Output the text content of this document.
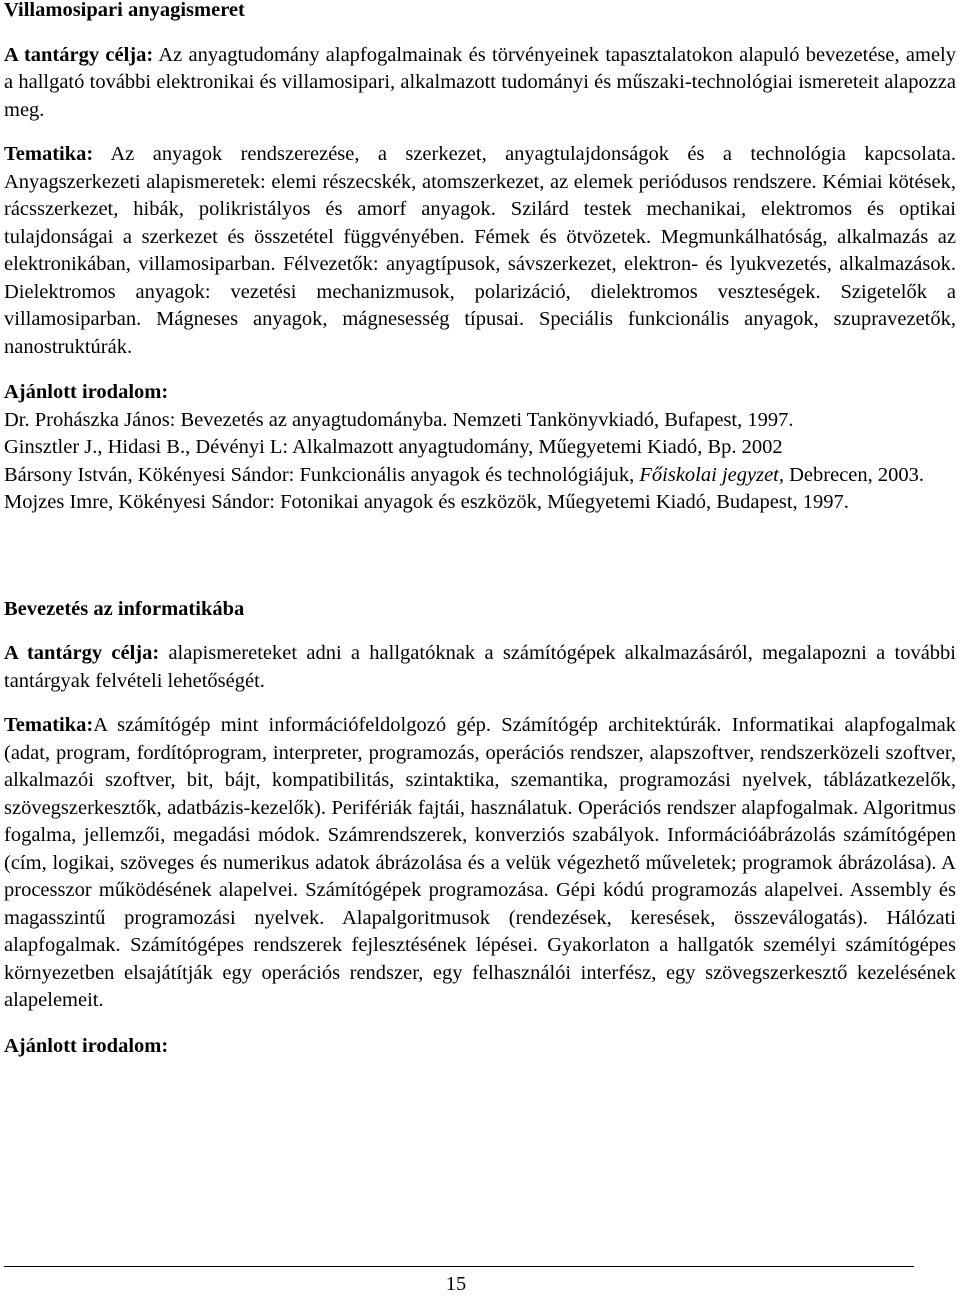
Villamosipari anyagismeret

A tantárgy célja: Az anyagtudomány alapfogalmainak és törvényeinek tapasztalatokon alapuló bevezetése, amely a hallgató további elektronikai és villamosipari, alkalmazott tudományi és műszaki-technológiai ismereteit alapozza meg.

Tematika: Az anyagok rendszerezése, a szerkezet, anyagtulajdonságok és a technológia kapcsolata. Anyagszerkezeti alapismeretek: elemi részecskék, atomszerkezet, az elemek periódusos rendszere. Kémiai kötések, rácsszerkezet, hibák, polikristályos és amorf anyagok. Szilárd testek mechanikai, elektromos és optikai tulajdonságai a szerkezet és összetétel függvényében. Fémek és ötvözetek. Megmunkálhatóság, alkalmazás az elektronikában, villamosiparban. Félvezetők: anyagtípusok, sávszerkezet, elektron- és lyukvezetés, alkalmazások. Dielektromos anyagok: vezetési mechanizmusok, polarizáció, dielektromos veszteségek. Szigetelők a villamosiparban. Mágneses anyagok, mágnesesség típusai. Speciális funkcionális anyagok, szupravezetők, nanostruktúrák.

Ajánlott irodalom:

Dr. Prohászka János: Bevezetés az anyagtudományba. Nemzeti Tankönyvkiadó, Bufapest, 1997.

Ginsztler J., Hidasi B., Dévényi L: Alkalmazott anyagtudomány, Műegyetemi Kiadó, Bp. 2002

Bársony István, Kökényesi Sándor: Funkcionális anyagok és technológiájuk, Főiskolai jegyzet, Debrecen, 2003.

Mojzes Imre, Kökényesi Sándor: Fotonikai anyagok és eszközök, Műegyetemi Kiadó, Budapest, 1997.

Bevezetés az informatikába

A tantárgy célja: alapismereteket adni a hallgatóknak a számítógépek alkalmazásáról, megalapozni a további tantárgyak felvételi lehetőségét.

Tematika:A számítógép mint információfeldolgozó gép. Számítógép architektúrák. Informatikai alapfogalmak (adat, program, fordítóprogram, interpreter, programozás, operációs rendszer, alapszoftver, rendszerközeli szoftver, alkalmazói szoftver, bit, bájt, kompatibilitás, szintaktika, szemantika, programozási nyelvek, táblázatkezelők, szövegszerkesztők, adatbázis-kezelők). Perifériák fajtái, használatuk. Operációs rendszer alapfogalmak. Algoritmus fogalma, jellemzői, megadási módok. Számrendszerek, konverziós szabályok. Információábrázolás számítógépen (cím, logikai, szöveges és numerikus adatok ábrázolása és a velük végezhető műveletek; programok ábrázolása). A processzor működésének alapelvei. Számítógépek programozása. Gépi kódú programozás alapelvei. Assembly és magasszintű programozási nyelvek. Alapalgoritmusok (rendezések, keresések, összeválogatás). Hálózati alapfogalmak. Számítógépes rendszerek fejlesztésének lépései. Gyakorlaton a hallgatók személyi számítógépes környezetben elsajátítják egy operációs rendszer, egy felhasználói interfész, egy szövegszerkesztő kezelésének alapelemeit.

Ajánlott irodalom:

15
